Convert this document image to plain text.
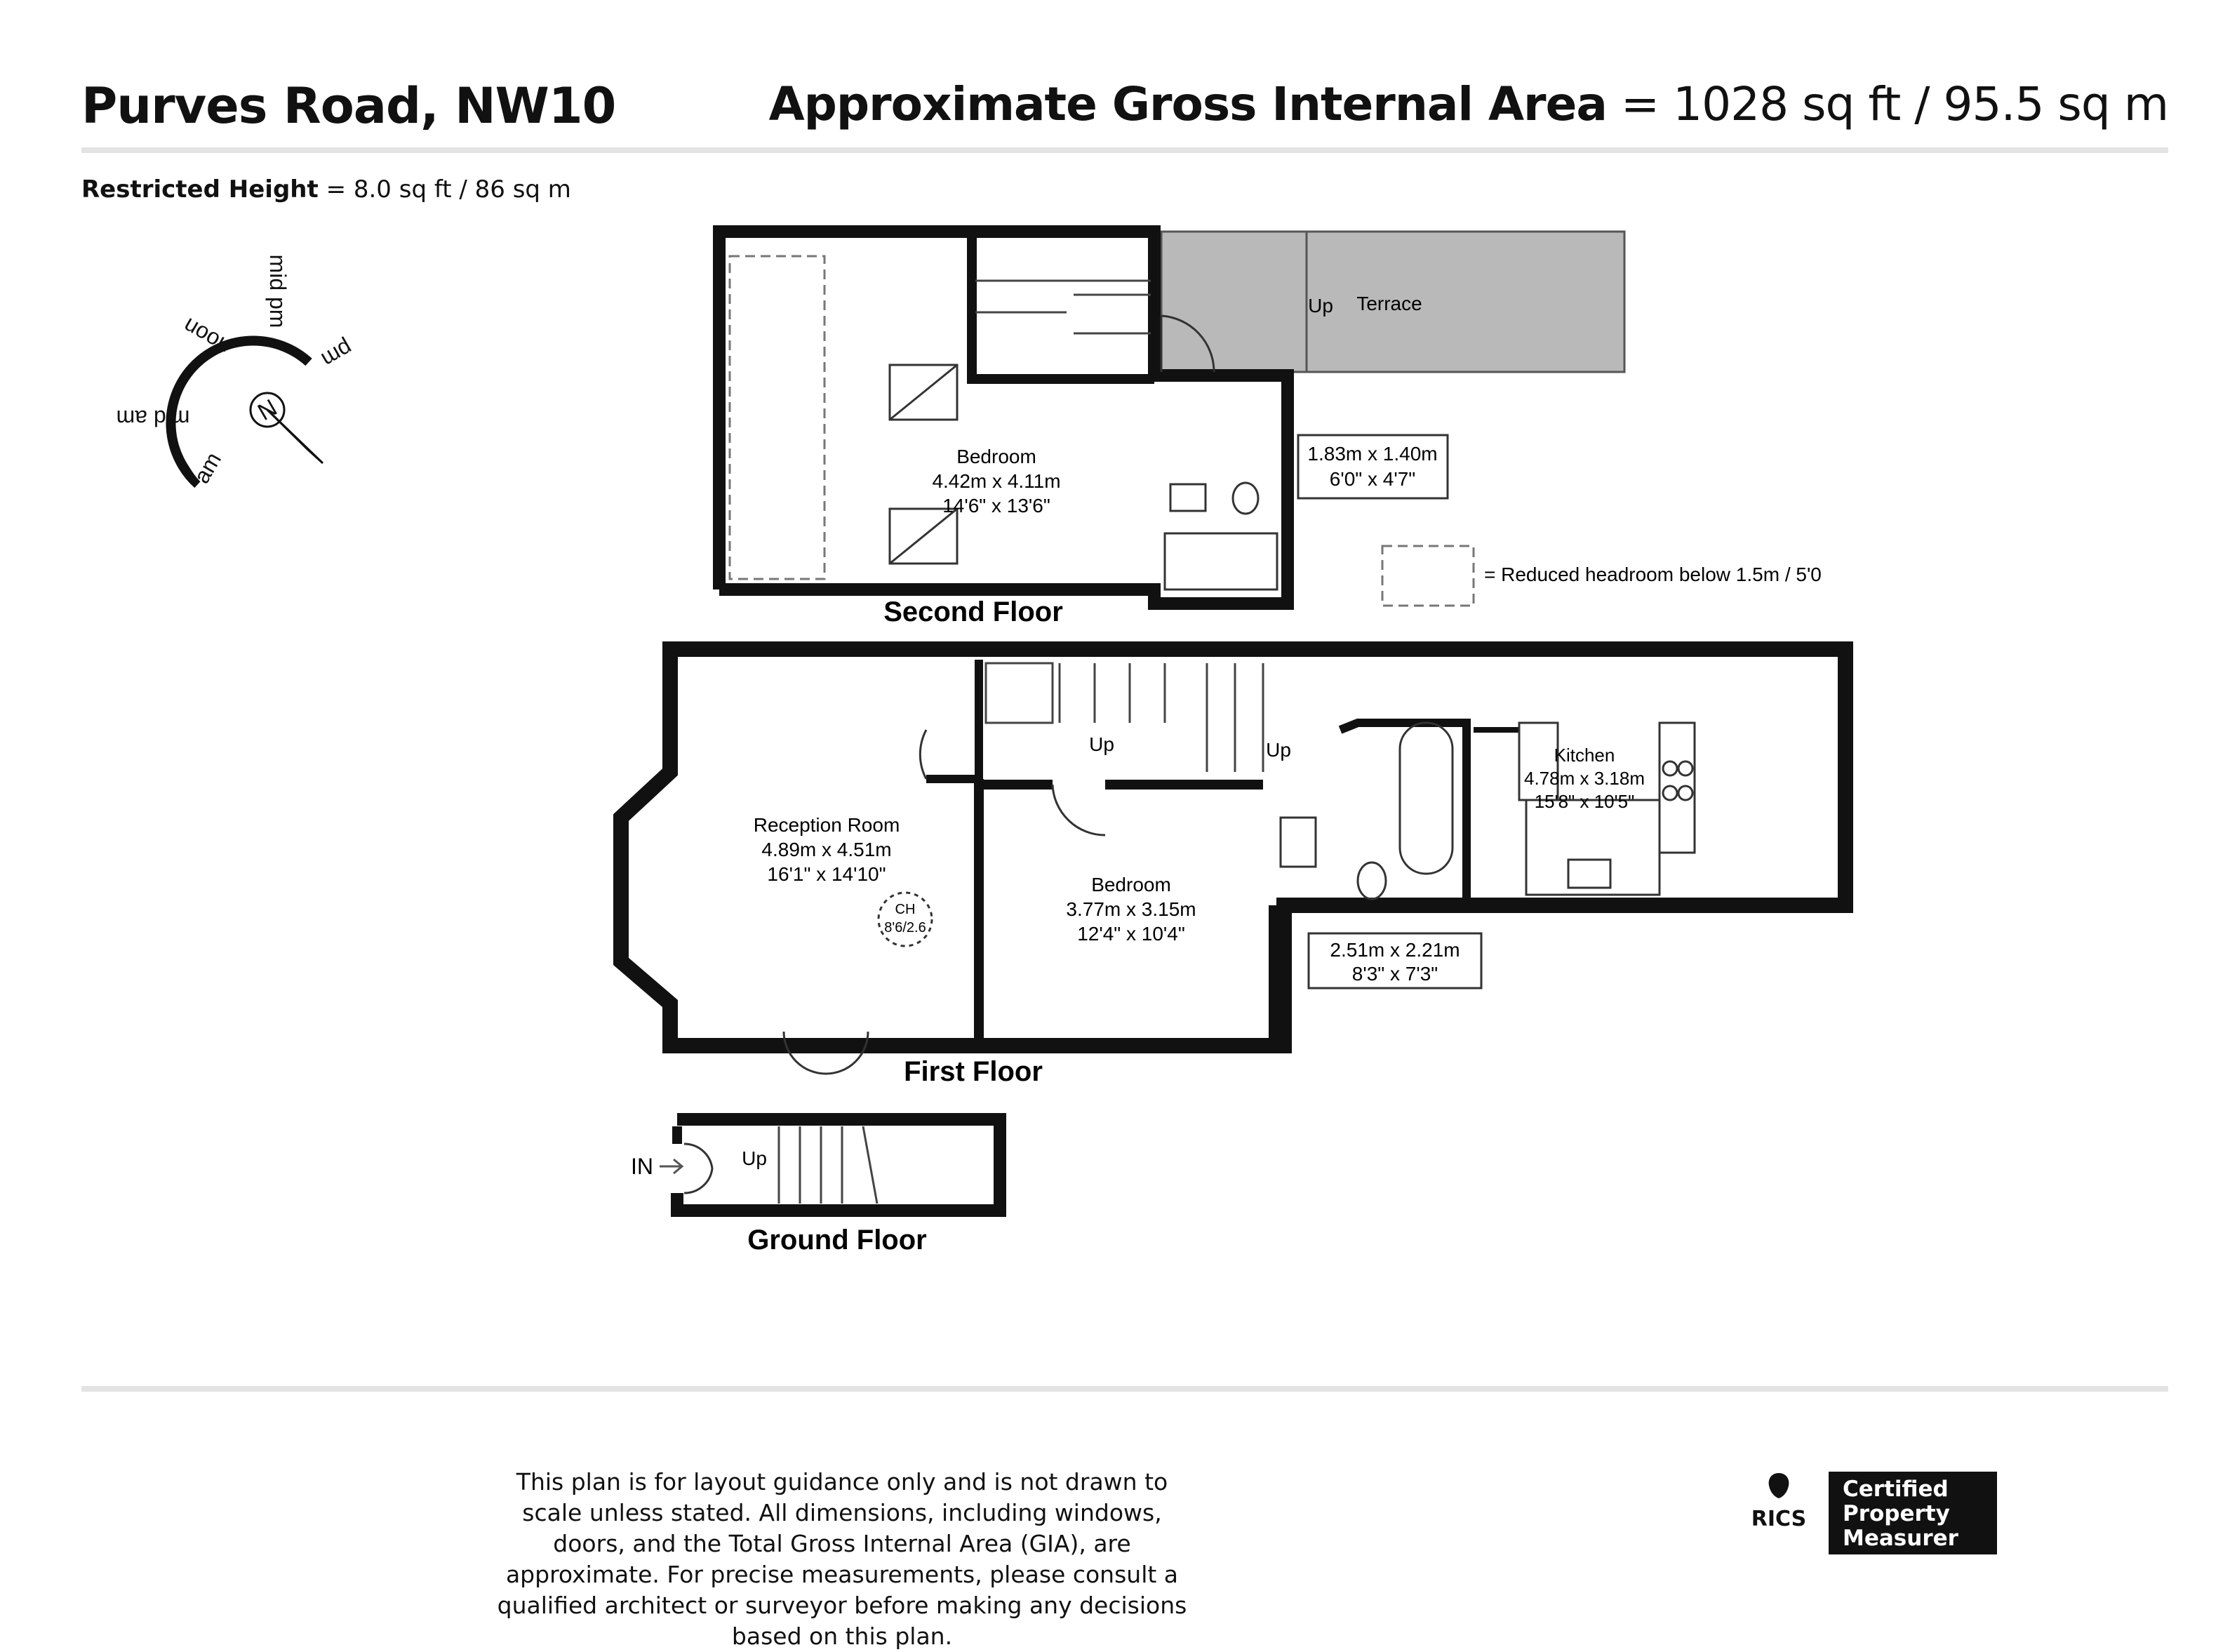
Purves Road, NW10	Approximate Gross Internal Area = 1028 sq ft / 95.5 sq m
Restricted Height = 8.0 sq ft / 86 sq m
N
mid pm
noon	pm
mid am
am	Bedroom
4.42m x 4.11m
14'6" x 13'6"
Up Terrace
1.83m x 1.40m
6'0" x 4'7"
Second Floor
= Reduced headroom below 1.5m / 5'0
Reception Room
4.89m x 4.51m
16'1" x 14'10"
CH
8'6/2.6
Bedroom
3.77m x 3.15m
12'4" x 10'4"
Kitchen
4.78m x 3.18m
15'8" x 10'5"
Up	Up
2.51m x 2.21m
8'3" x 7'3"
First Floor
IN	Up
Ground Floor
This plan is for layout guidance only and is not drawn to scale unless stated. All dimensions, including windows, doors, and the Total Gross Internal Area (GIA), are approximate. For precise measurements, please consult a qualified architect or surveyor before making any decisions based on this plan.
RICS
Certified
Property
Measurer
